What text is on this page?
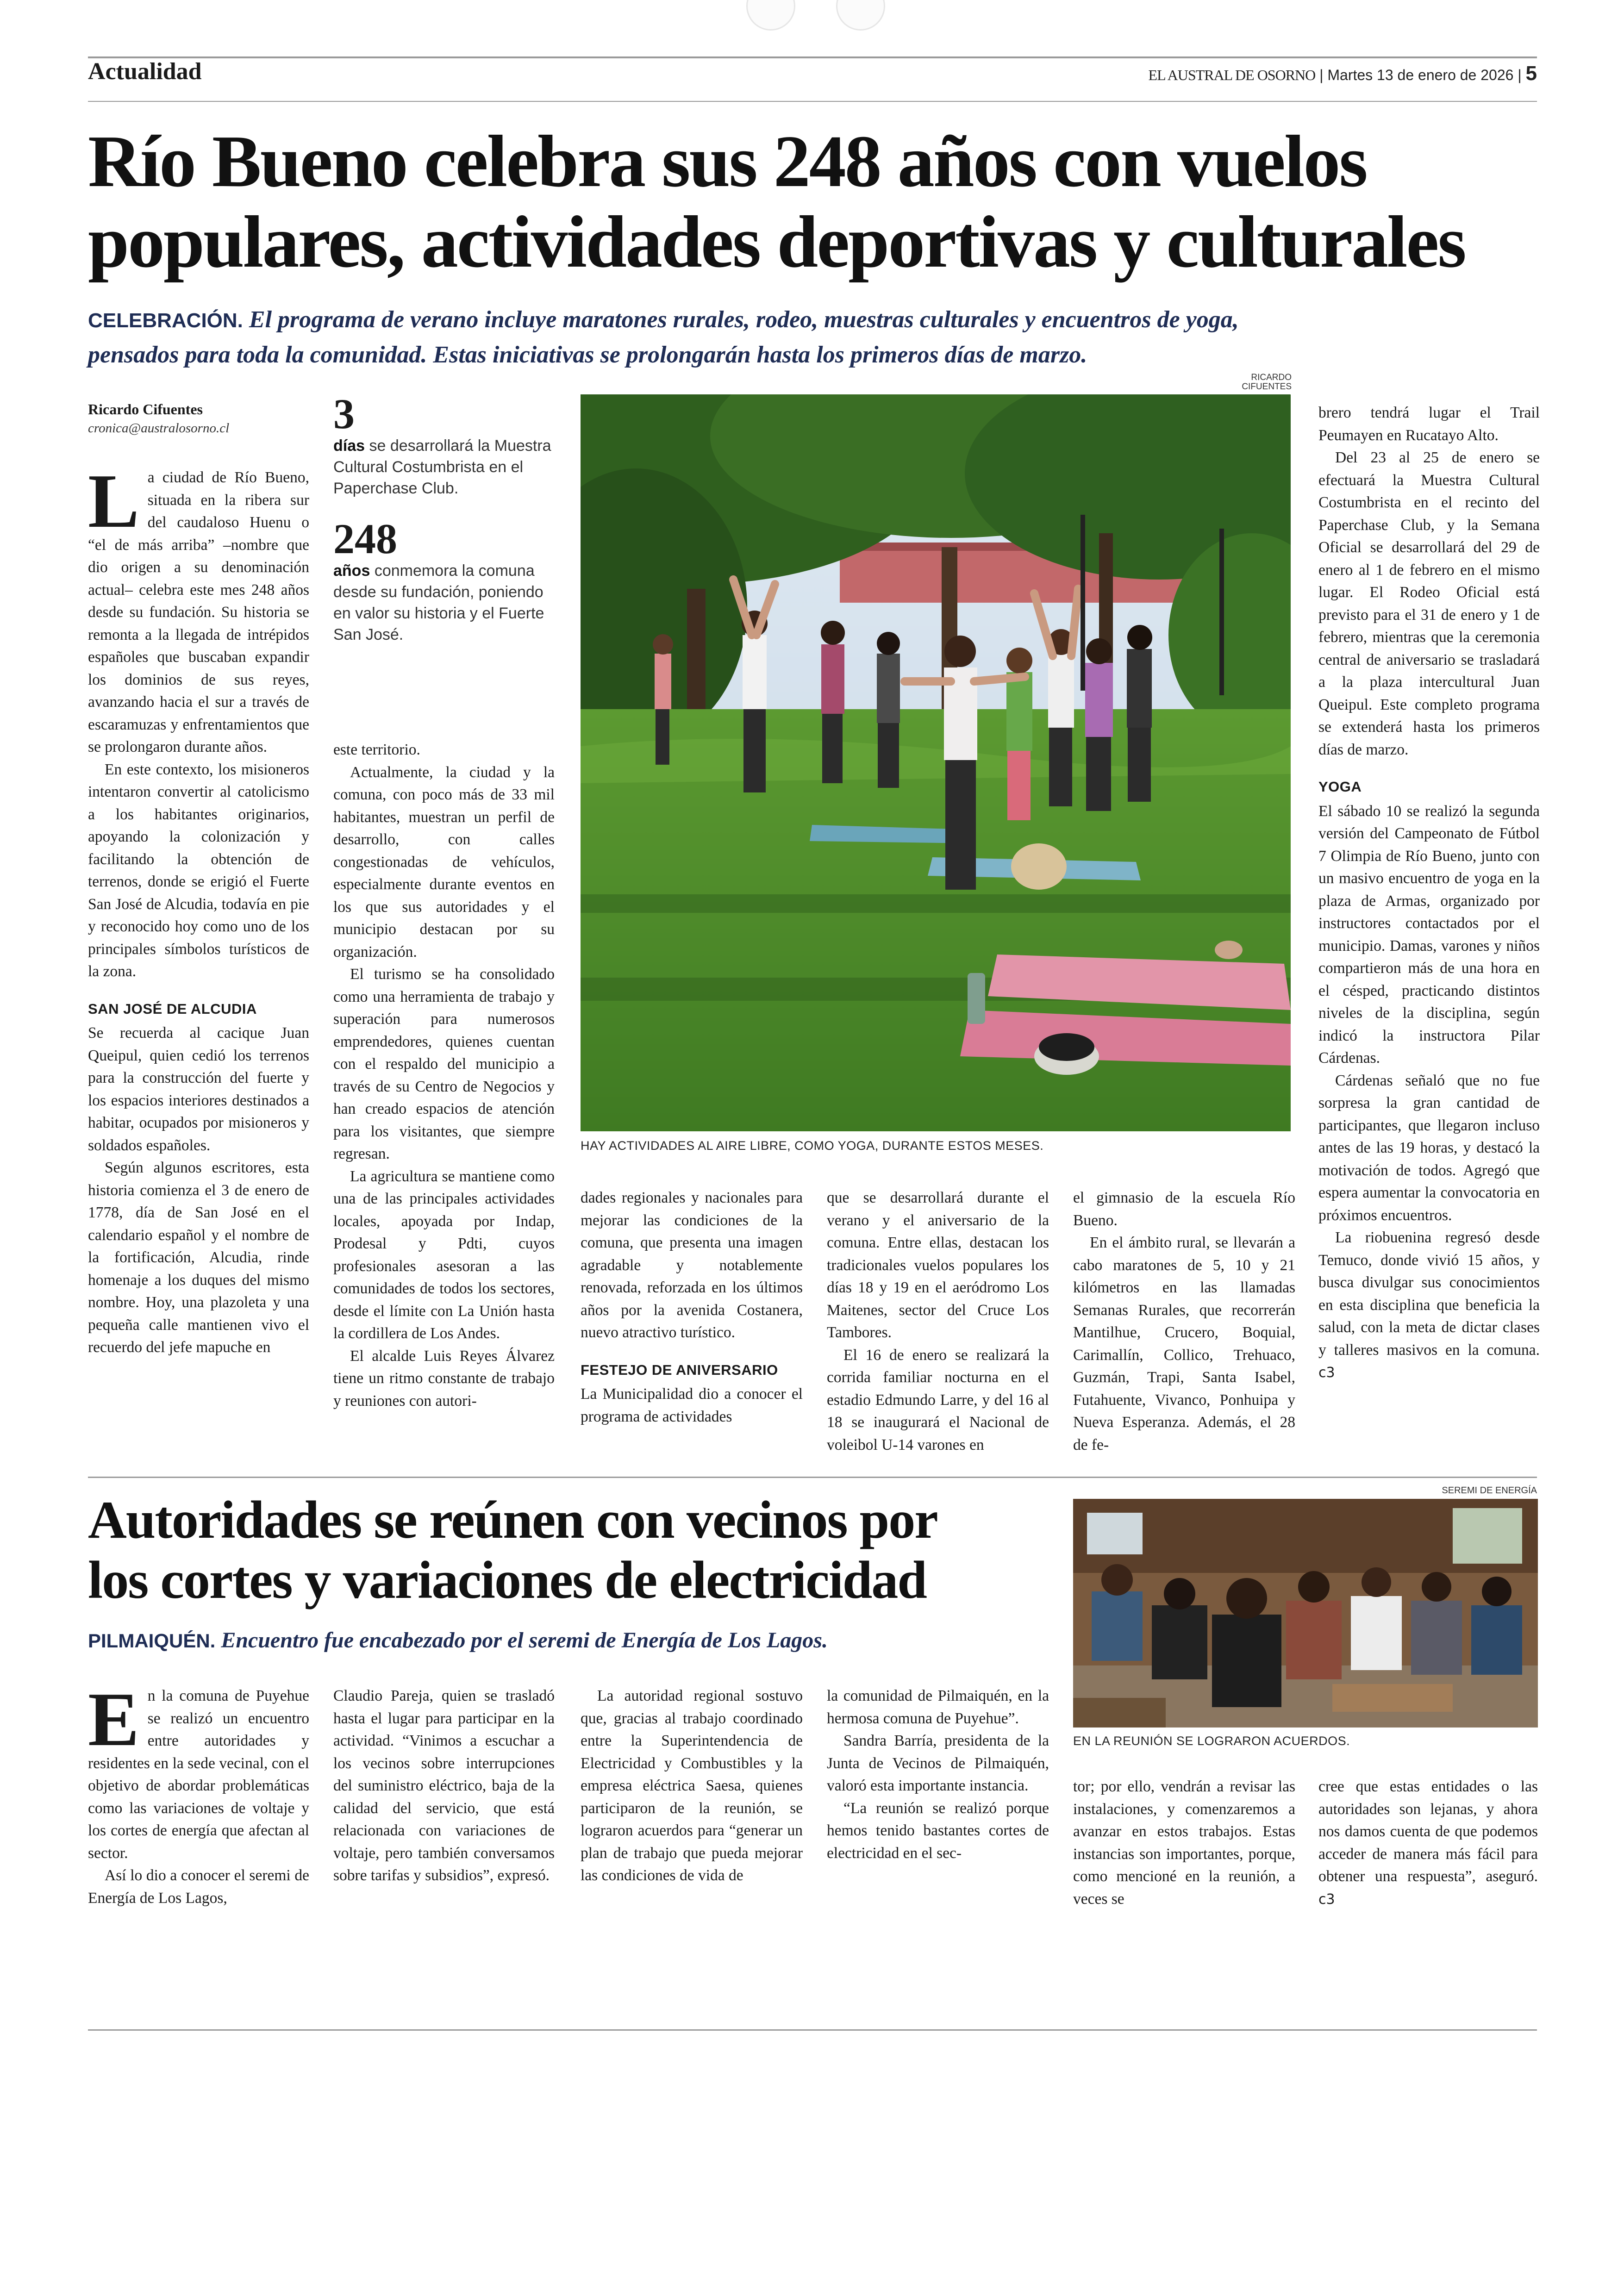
Actualidad	EL AUSTRAL DE OSORNO | Martes 13 de enero de 2026 | 5
Río Bueno celebra sus 248 años con vuelos
populares, actividades deportivas y culturales
CELEBRACIÓN. El programa de verano incluye maratones rurales, rodeo, muestras culturales y encuentros de yoga,
pensados para toda la comunidad. Estas iniciativas se prolongarán hasta los primeros días de marzo.
Ricardo Cifuentes
cronica@australosorno.cl

La ciudad de Río Bueno, situada en la ribera sur del caudaloso Huenu o “el de más arriba” –nombre que dio origen a su denominación actual– celebra este mes 248 años desde su fundación. Su historia se remonta a la llegada de intrépidos españoles que buscaban expandir los dominios de sus reyes, avanzando hacia el sur a través de escaramuzas y enfrentamientos que se prolongaron durante años.

En este contexto, los misioneros intentaron convertir al catolicismo a los habitantes originarios, apoyando la colonización y facilitando la obtención de terrenos, donde se erigió el Fuerte San José de Alcudia, todavía en pie y reconocido hoy como uno de los principales símbolos turísticos de la zona.

SAN JOSÉ DE ALCUDIA

Se recuerda al cacique Juan Queipul, quien cedió los terrenos para la construcción del fuerte y los espacios interiores destinados a habitar, ocupados por misioneros y soldados españoles.

Según algunos escritores, esta historia comienza el 3 de enero de 1778, día de San José en el calendario español y el nombre de la fortificación, Alcudia, rinde homenaje a los duques del mismo nombre. Hoy, una plazoleta y una pequeña calle mantienen vivo el recuerdo del jefe mapuche en

3
días se desarrollará la Muestra Cultural Costumbrista en el Paperchase Club.
248
años conmemora la comuna desde su fundación, poniendo en valor su historia y el Fuerte San José.

este territorio.

Actualmente, la ciudad y la comuna, con poco más de 33 mil habitantes, muestran un perfil de desarrollo, con calles congestionadas de vehículos, especialmente durante eventos en los que sus autoridades y el municipio destacan por su organización.

El turismo se ha consolidado como una herramienta de trabajo y superación para numerosos emprendedores, quienes cuentan con el respaldo del municipio a través de su Centro de Negocios y han creado espacios de atención para los visitantes, que siempre regresan.

La agricultura se mantiene como una de las principales actividades locales, apoyada por Indap, Prodesal y Pdti, cuyos profesionales asesoran a las comunidades de todos los sectores, desde el límite con La Unión hasta la cordillera de Los Andes.

El alcalde Luis Reyes Álvarez tiene un ritmo constante de trabajo y reuniones con autori-

RICARDO CIFUENTES
HAY ACTIVIDADES AL AIRE LIBRE, COMO YOGA, DURANTE ESTOS MESES.

dades regionales y nacionales para mejorar las condiciones de la comuna, que presenta una imagen agradable y notablemente renovada, reforzada en los últimos años por la avenida Costanera, nuevo atractivo turístico.

FESTEJO DE ANIVERSARIO

La Municipalidad dio a conocer el programa de actividades

que se desarrollará durante el verano y el aniversario de la comuna. Entre ellas, destacan los tradicionales vuelos populares los días 18 y 19 en el aeródromo Los Maitenes, sector del Cruce Los Tambores.

El 16 de enero se realizará la corrida familiar nocturna en el estadio Edmundo Larre, y del 16 al 18 se inaugurará el Nacional de voleibol U-14 varones en

el gimnasio de la escuela Río Bueno.

En el ámbito rural, se llevarán a cabo maratones de 5, 10 y 21 kilómetros en las llamadas Semanas Rurales, que recorrerán Mantilhue, Crucero, Boquial, Carimallín, Collico, Trehuaco, Guzmán, Trapi, Santa Isabel, Futahuente, Vivanco, Ponhuipa y Nueva Esperanza. Además, el 28 de fe-

brero tendrá lugar el Trail Peumayen en Rucatayo Alto.

Del 23 al 25 de enero se efectuará la Muestra Cultural Costumbrista en el recinto del Paperchase Club, y la Semana Oficial se desarrollará del 29 de enero al 1 de febrero en el mismo lugar. El Rodeo Oficial está previsto para el 31 de enero y 1 de febrero, mientras que la ceremonia central de aniversario se trasladará a la plaza intercultural Juan Queipul. Este completo programa se extenderá hasta los primeros días de marzo.

YOGA

El sábado 10 se realizó la segunda versión del Campeonato de Fútbol 7 Olimpia de Río Bueno, junto con un masivo encuentro de yoga en la plaza de Armas, organizado por instructores contactados por el municipio. Damas, varones y niños compartieron más de una hora en el césped, practicando distintos niveles de la disciplina, según indicó la instructora Pilar Cárdenas.

Cárdenas señaló que no fue sorpresa la gran cantidad de participantes, que llegaron incluso antes de las 19 horas, y destacó la motivación de todos. Agregó que espera aumentar la convocatoria en próximos encuentros.

La riobuenina regresó desde Temuco, donde vivió 15 años, y busca divulgar sus conocimientos en esta disciplina que beneficia la salud, con la meta de dictar clases y talleres masivos en la comuna. ᴄ3

Autoridades se reúnen con vecinos por
los cortes y variaciones de electricidad
PILMAIQUÉN. Encuentro fue encabezado por el seremi de Energía de Los Lagos.
SEREMI DE ENERGÍA
EN LA REUNIÓN SE LOGRARON ACUERDOS.

En la comuna de Puyehue se realizó un encuentro entre autoridades y residentes en la sede vecinal, con el objetivo de abordar problemáticas como las variaciones de voltaje y los cortes de energía que afectan al sector.

Así lo dio a conocer el seremi de Energía de Los Lagos,

Claudio Pareja, quien se trasladó hasta el lugar para participar en la actividad. “Vinimos a escuchar a los vecinos sobre interrupciones del suministro eléctrico, baja de la calidad del servicio, que está relacionada con variaciones de voltaje, pero también conversamos sobre tarifas y subsidios”, expresó.

La autoridad regional sostuvo que, gracias al trabajo coordinado entre la Superintendencia de Electricidad y Combustibles y la empresa eléctrica Saesa, quienes participaron de la reunión, se lograron acuerdos para “generar un plan de trabajo que pueda mejorar las condiciones de vida de

la comunidad de Pilmaiquén, en la hermosa comuna de Puyehue”.

Sandra Barría, presidenta de la Junta de Vecinos de Pilmaiquén, valoró esta importante instancia.

“La reunión se realizó porque hemos tenido bastantes cortes de electricidad en el sec-

tor; por ello, vendrán a revisar las instalaciones, y comenzaremos a avanzar en estos trabajos. Estas instancias son importantes, porque, como mencioné en la reunión, a veces se

cree que estas entidades o las autoridades son lejanas, y ahora nos damos cuenta de que podemos acceder de manera más fácil para obtener una respuesta”, aseguró. ᴄ3
